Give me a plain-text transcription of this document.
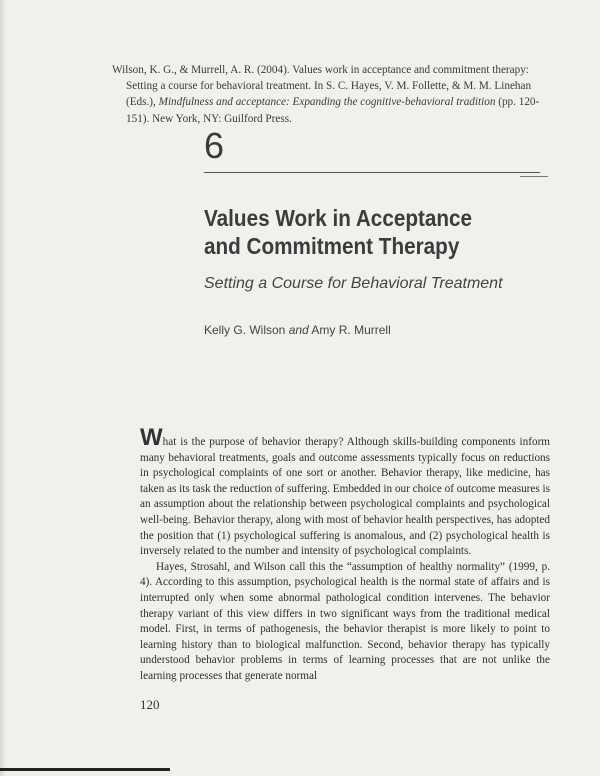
Wilson, K. G., & Murrell, A. R. (2004). Values work in acceptance and commitment therapy: Setting a course for behavioral treatment. In S. C. Hayes, V. M. Follette, & M. M. Linehan (Eds.), Mindfulness and acceptance: Expanding the cognitive-behavioral tradition (pp. 120-151). New York, NY: Guilford Press.
6
Values Work in Acceptance
and Commitment Therapy
Setting a Course for Behavioral Treatment
Kelly G. Wilson and Amy R. Murrell

What is the purpose of behavior therapy? Although skills-building components inform many behavioral treatments, goals and outcome assessments typically focus on reductions in psychological complaints of one sort or another. Behavior therapy, like medicine, has taken as its task the reduction of suffering. Embedded in our choice of outcome measures is an assumption about the relationship between psychological complaints and psychological well-being. Behavior therapy, along with most of behavior health perspectives, has adopted the position that (1) psychological suffering is anomalous, and (2) psychological health is inversely related to the number and intensity of psychological complaints.

Hayes, Strosahl, and Wilson call this the “assumption of healthy normality” (1999, p. 4). According to this assumption, psychological health is the normal state of affairs and is interrupted only when some abnormal pathological condition intervenes. The behavior therapy variant of this view differs in two significant ways from the traditional medical model. First, in terms of pathogenesis, the behavior therapist is more likely to point to learning history than to biological malfunction. Second, behavior therapy has typically understood behavior problems in terms of learning processes that are not unlike the learning processes that generate normal

120
